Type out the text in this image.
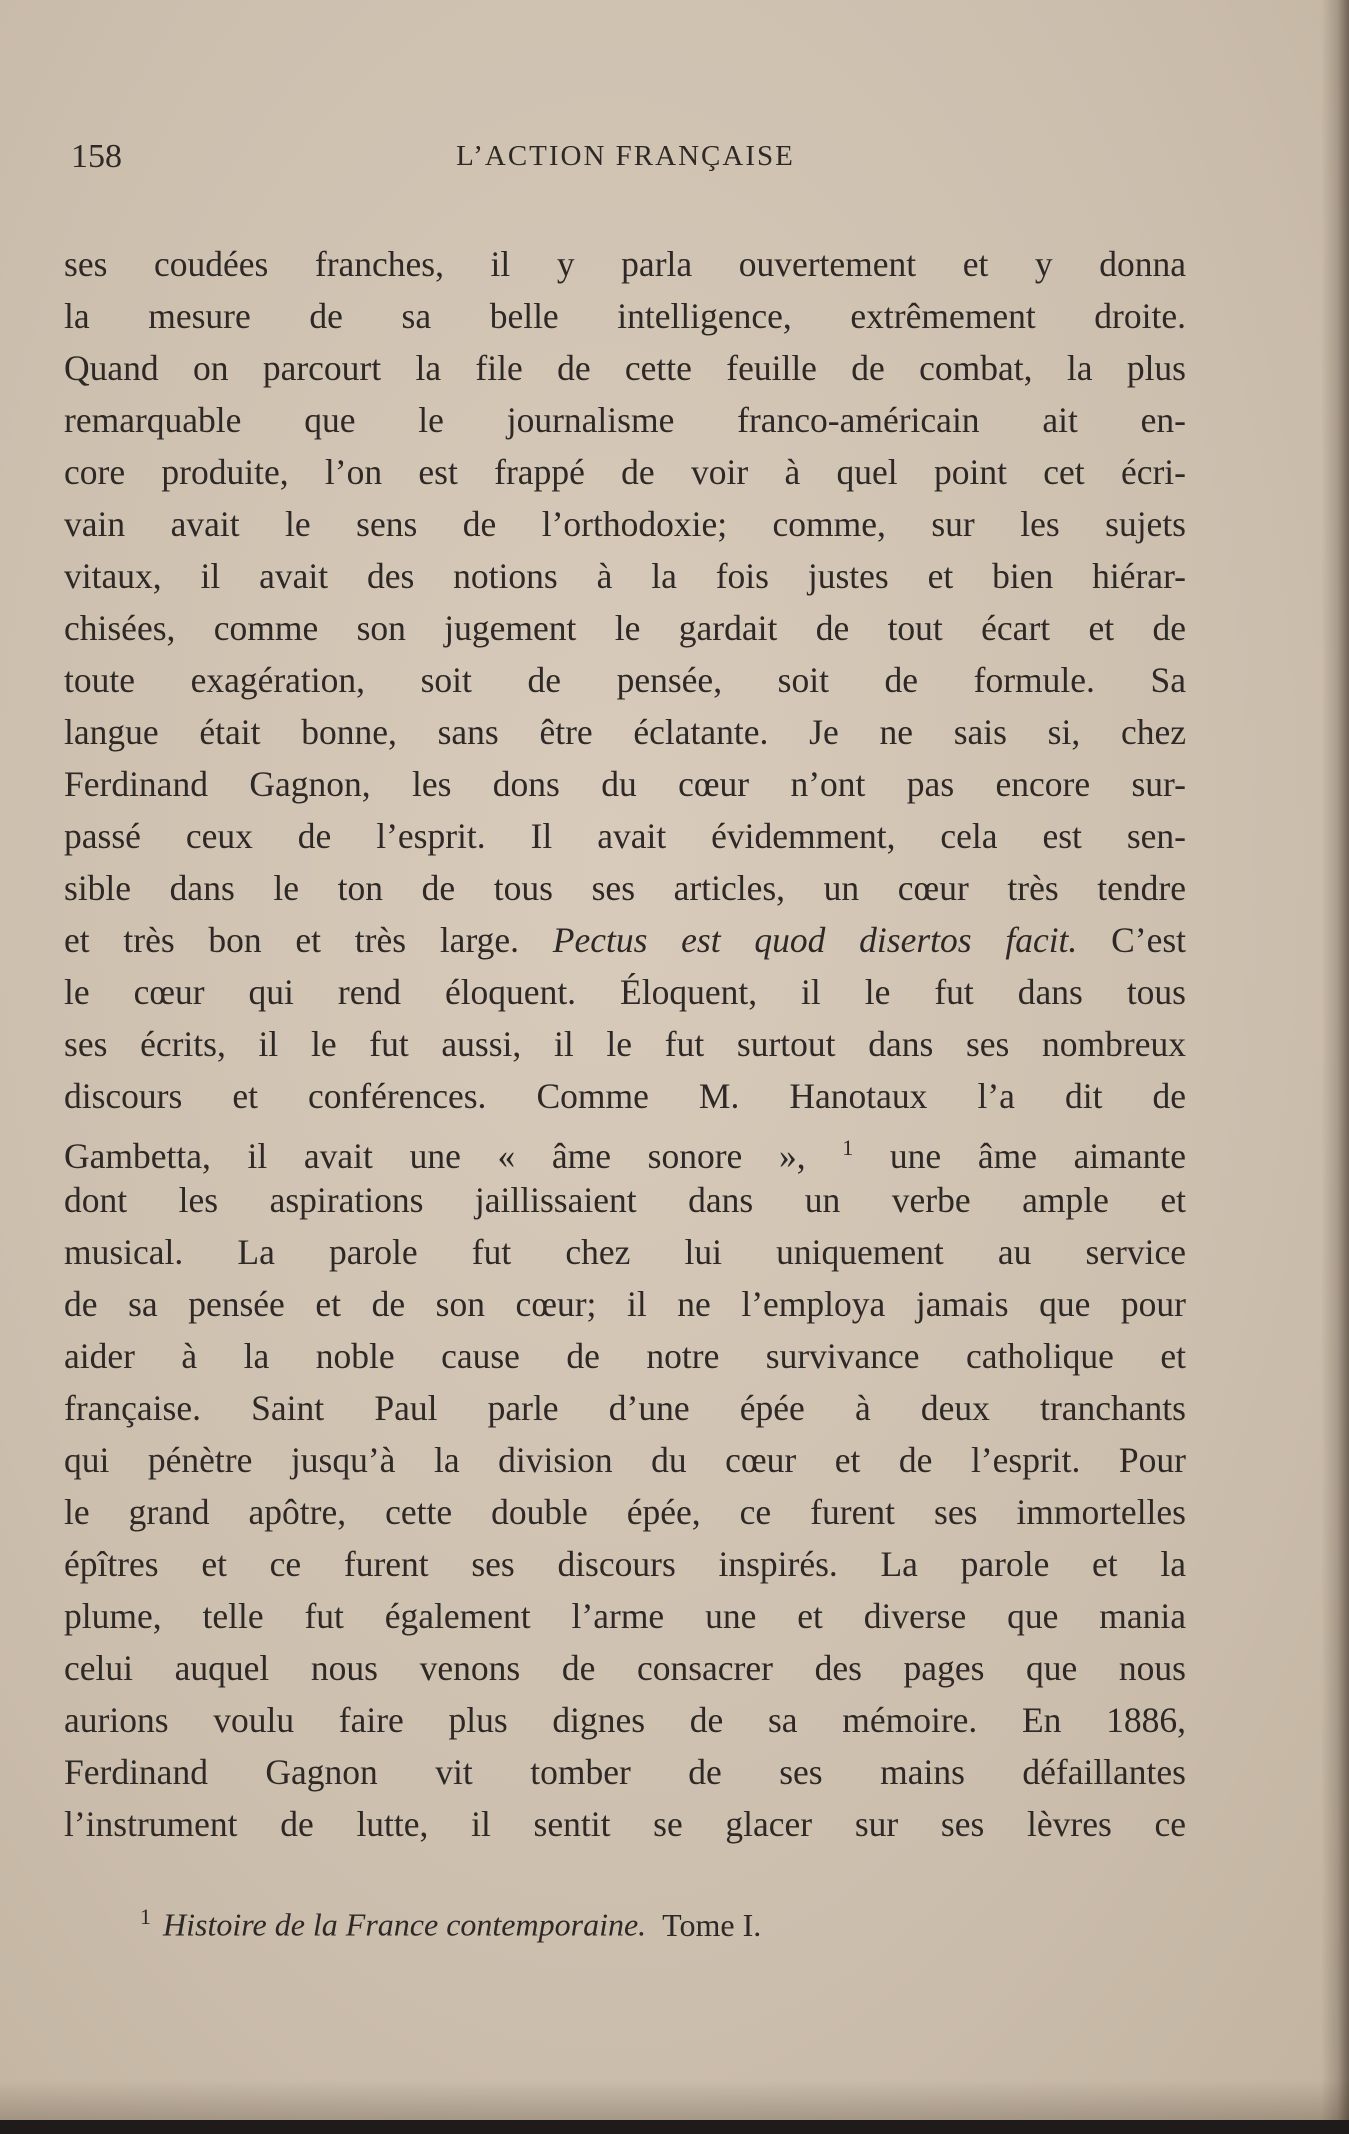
158	L’ACTION FRANÇAISE
ses coudées franches, il y parla ouvertement et y donna
la mesure de sa belle intelligence, extrêmement droite.
Quand on parcourt la file de cette feuille de combat, la plus
remarquable que le journalisme franco-américain ait en-
core produite, l’on est frappé de voir à quel point cet écri-
vain avait le sens de l’orthodoxie; comme, sur les sujets
vitaux, il avait des notions à la fois justes et bien hiérar-
chisées, comme son jugement le gardait de tout écart et de
toute exagération, soit de pensée, soit de formule. Sa
langue était bonne, sans être éclatante. Je ne sais si, chez
Ferdinand Gagnon, les dons du cœur n’ont pas encore sur-
passé ceux de l’esprit. Il avait évidemment, cela est sen-
sible dans le ton de tous ses articles, un cœur très tendre
et très bon et très large. Pectus est quod disertos facit. C’est
le cœur qui rend éloquent. Éloquent, il le fut dans tous
ses écrits, il le fut aussi, il le fut surtout dans ses nombreux
discours et conférences. Comme M. Hanotaux l’a dit de
Gambetta, il avait une « âme sonore », $^1$ une âme aimante
dont les aspirations jaillissaient dans un verbe ample et
musical. La parole fut chez lui uniquement au service
de sa pensée et de son cœur; il ne l’employa jamais que pour
aider à la noble cause de notre survivance catholique et
française. Saint Paul parle d’une épée à deux tranchants
qui pénètre jusqu’à la division du cœur et de l’esprit. Pour
le grand apôtre, cette double épée, ce furent ses immortelles
épîtres et ce furent ses discours inspirés. La parole et la
plume, telle fut également l’arme une et diverse que mania
celui auquel nous venons de consacrer des pages que nous
aurions voulu faire plus dignes de sa mémoire. En 1886,
Ferdinand Gagnon vit tomber de ses mains défaillantes
l’instrument de lutte, il sentit se glacer sur ses lèvres ce
$^1$ Histoire de la France contemporaine. Tome I.
